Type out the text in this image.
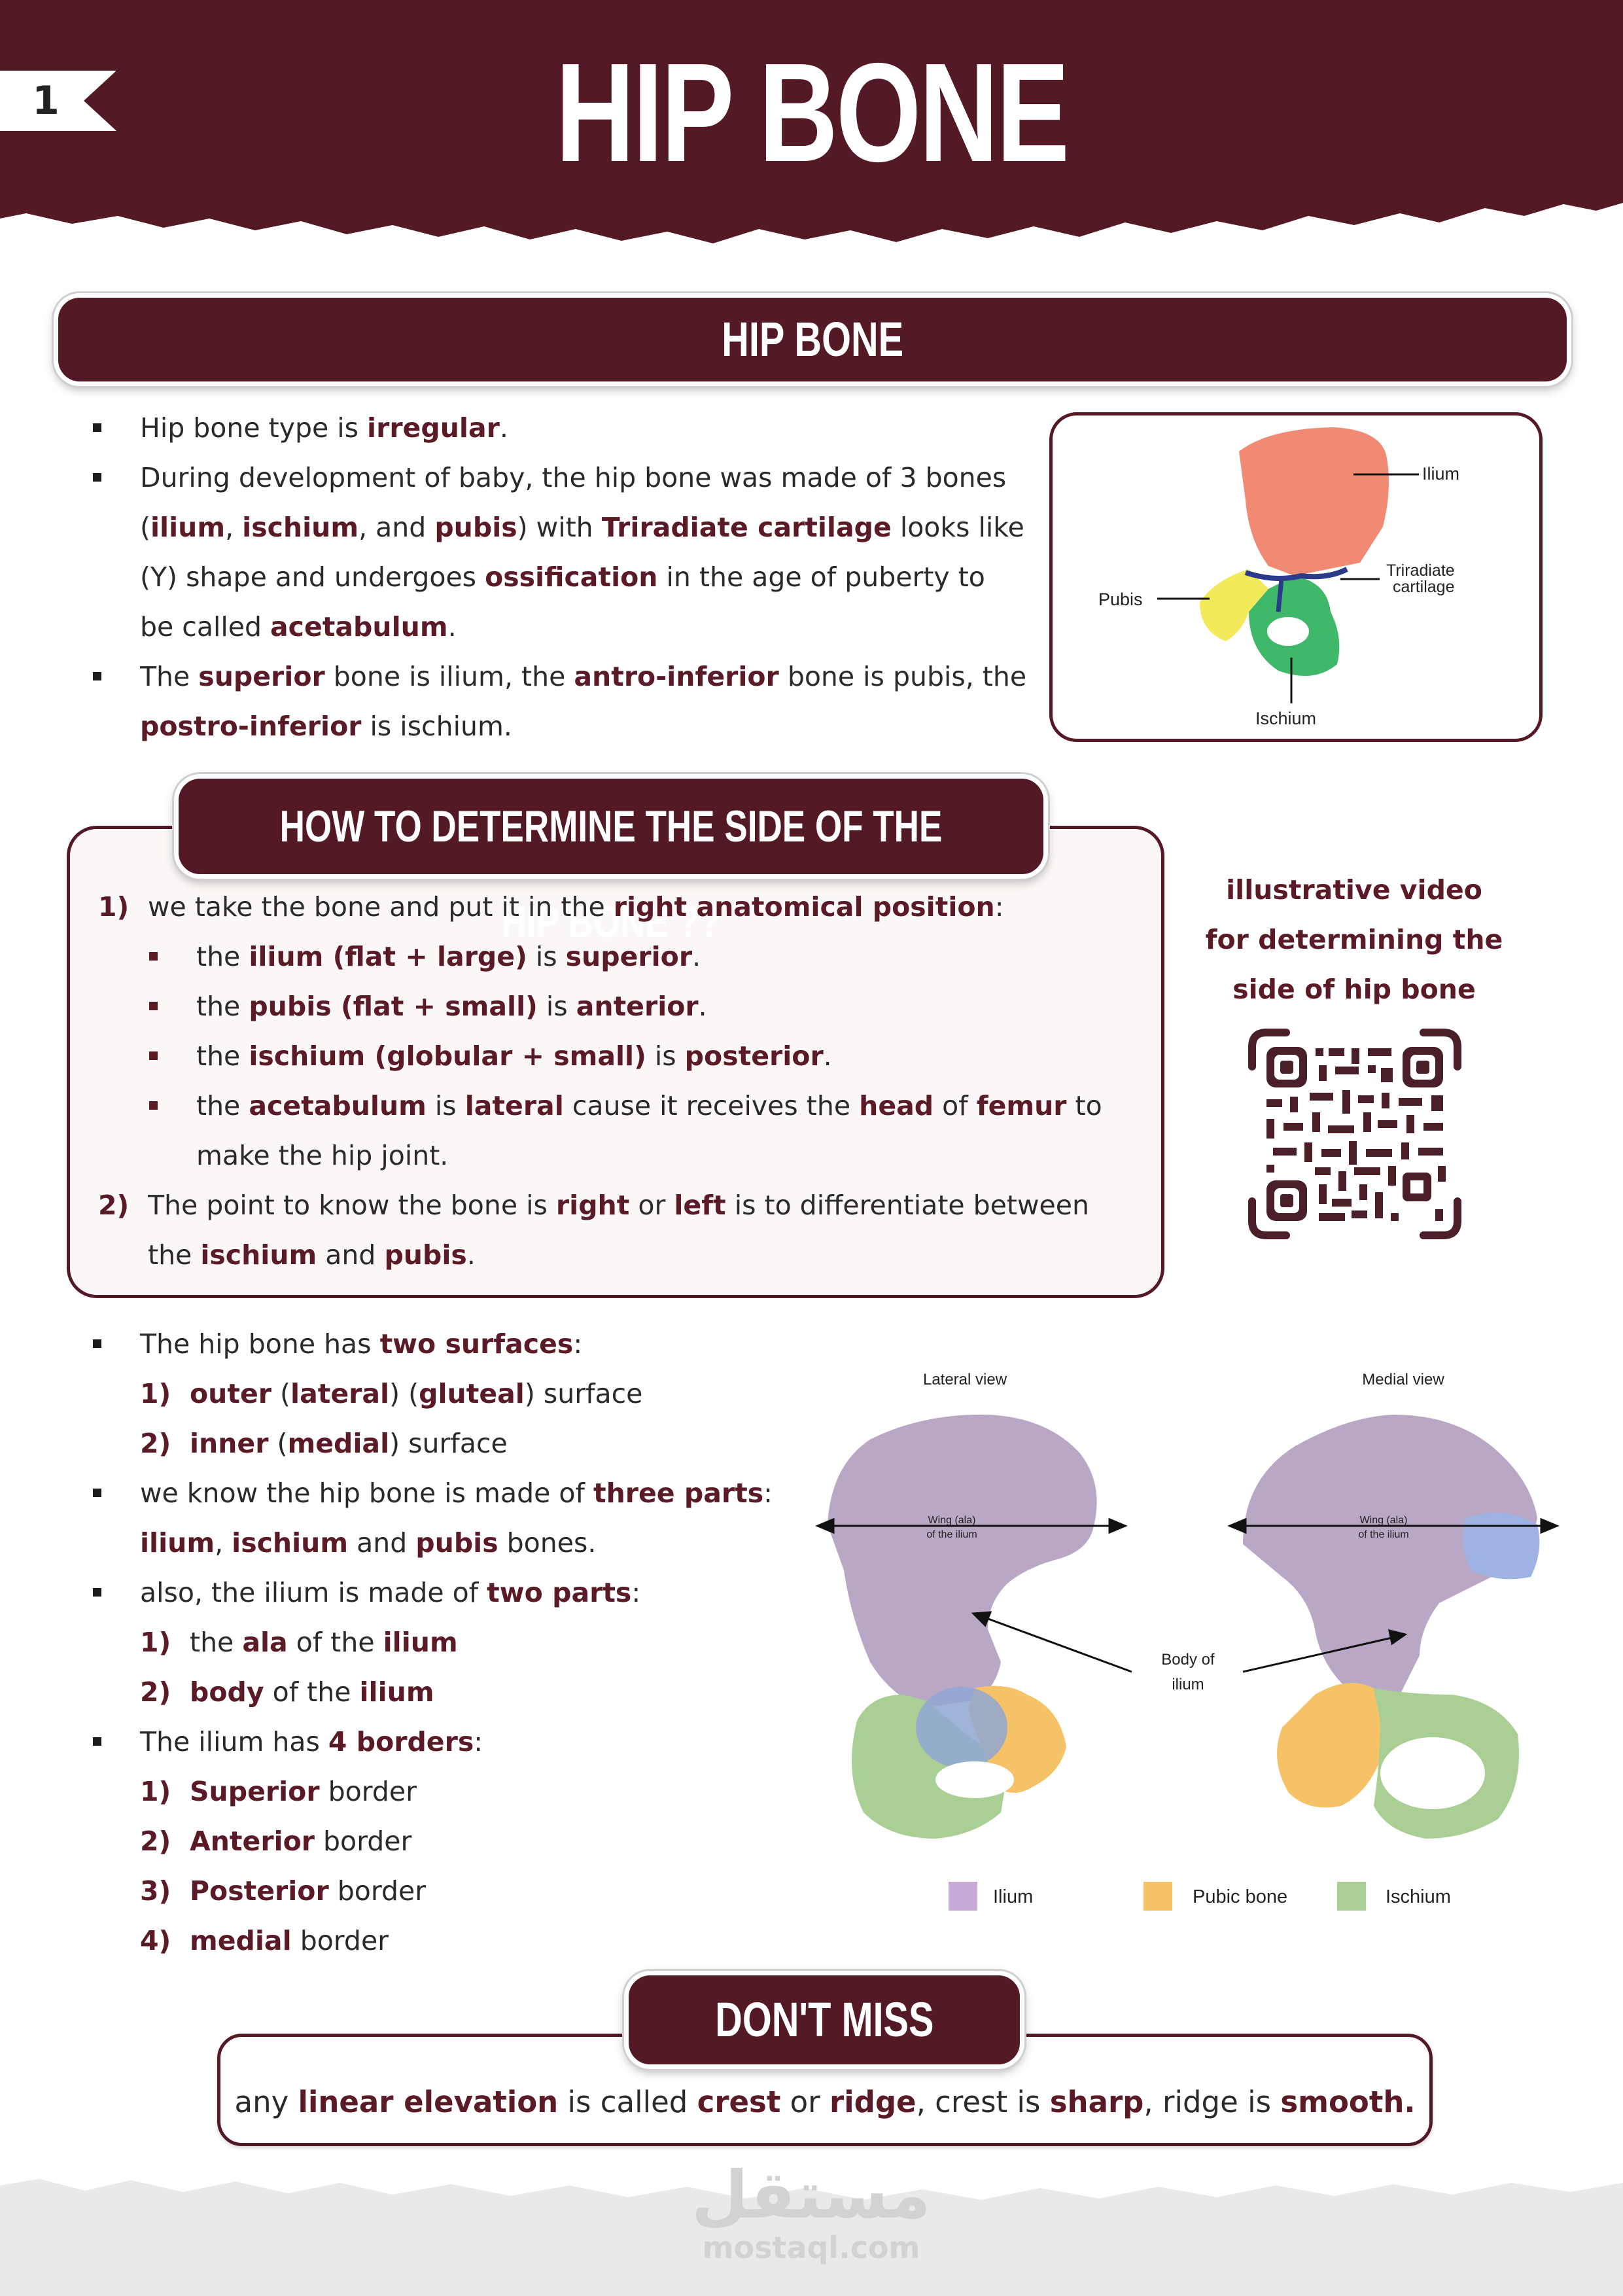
1	HIP BONE
HIP BONE
Hip bone type is irregular.
During development of baby, the hip bone was made of 3 bones (ilium, ischium, and pubis) with Triradiate cartilage looks like (Y) shape and undergoes ossification in the age of puberty to be called acetabulum.
The superior bone is ilium, the antro-inferior bone is pubis, the postro-inferior is ischium.
Ilium
Triradiate
cartilage
Pubis
Ischium
HOW TO DETERMINE THE SIDE OF THE HIP BONE ??
1) we take the bone and put it in the right anatomical position:
the ilium (flat + large) is superior.
the pubis (flat + small) is anterior.
the ischium (globular + small) is posterior.
the acetabulum is lateral cause it receives the head of femur to make the hip joint.
2) The point to know the bone is right or left is to differentiate between the ischium and pubis.
illustrative video
for determining the
side of hip bone
The hip bone has two surfaces:
1) outer (lateral) (gluteal) surface
2) inner (medial) surface
we know the hip bone is made of three parts:
ilium, ischium and pubis bones.
also, the ilium is made of two parts:
1) the ala of the ilium
2) body of the ilium
The ilium has 4 borders:
1) Superior border
2) Anterior border
3) Posterior border
4) medial border
Lateral view	Medial view
Wing (ala)
of the ilium
Wing (ala)
of the ilium
Body of
ilium
Ilium	Pubic bone	Ischium
DON'T MISS
any linear elevation is called crest or ridge, crest is sharp, ridge is smooth.
مستقل
mostaql.com
